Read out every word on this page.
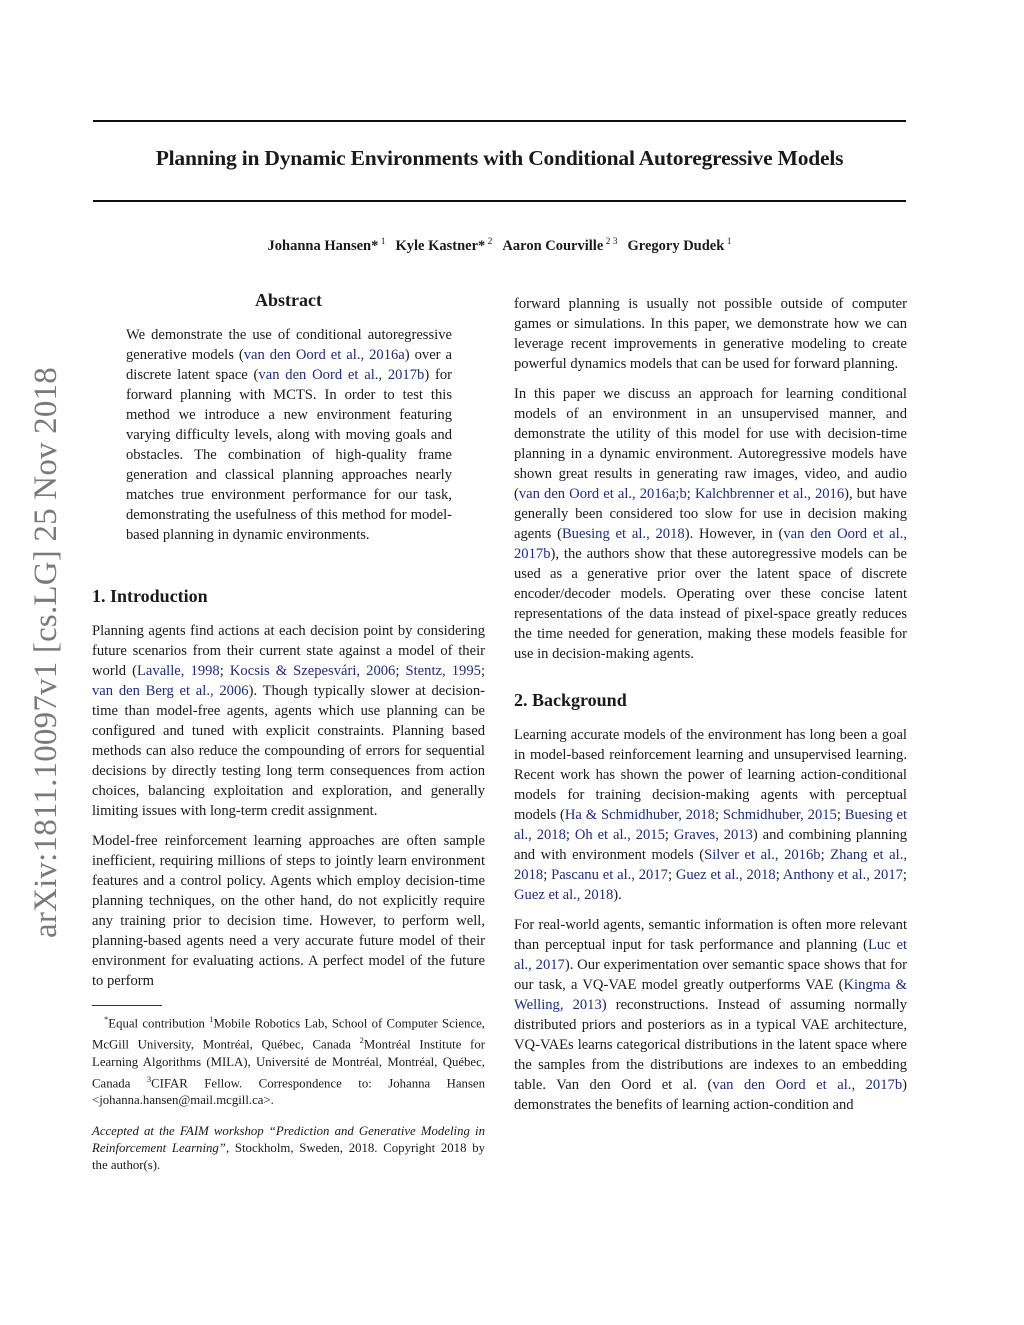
Planning in Dynamic Environments with Conditional Autoregressive Models
Johanna Hansen* $^1$ Kyle Kastner* $^2$ Aaron Courville $^{2 3}$ Gregory Dudek $^1$
arXiv:1811.10097v1 [cs.LG] 25 Nov 2018
Abstract

We demonstrate the use of conditional autoregressive generative models (van den Oord et al., 2016a) over a discrete latent space (van den Oord et al., 2017b) for forward planning with MCTS. In order to test this method we introduce a new environment featuring varying difficulty levels, along with moving goals and obstacles. The combination of high-quality frame generation and classical planning approaches nearly matches true environment performance for our task, demonstrating the usefulness of this method for model-based planning in dynamic environments.

1. Introduction

Planning agents find actions at each decision point by considering future scenarios from their current state against a model of their world (Lavalle, 1998; Kocsis & Szepesvári, 2006; Stentz, 1995; van den Berg et al., 2006). Though typically slower at decision-time than model-free agents, agents which use planning can be configured and tuned with explicit constraints. Planning based methods can also reduce the compounding of errors for sequential decisions by directly testing long term consequences from action choices, balancing exploitation and exploration, and generally limiting issues with long-term credit assignment.

Model-free reinforcement learning approaches are often sample inefficient, requiring millions of steps to jointly learn environment features and a control policy. Agents which employ decision-time planning techniques, on the other hand, do not explicitly require any training prior to decision time. However, to perform well, planning-based agents need a very accurate future model of their environment for evaluating actions. A perfect model of the future to perform

*Equal contribution $^1$Mobile Robotics Lab, School of Computer Science, McGill University, Montréal, Québec, Canada $^2$Montréal Institute for Learning Algorithms (MILA), Université de Montréal, Montréal, Québec, Canada $^3$CIFAR Fellow. Correspondence to: Johanna Hansen <johanna.hansen@mail.mcgill.ca>.

Accepted at the FAIM workshop “Prediction and Generative Modeling in Reinforcement Learning”, Stockholm, Sweden, 2018. Copyright 2018 by the author(s).

forward planning is usually not possible outside of computer games or simulations. In this paper, we demonstrate how we can leverage recent improvements in generative modeling to create powerful dynamics models that can be used for forward planning.

In this paper we discuss an approach for learning conditional models of an environment in an unsupervised manner, and demonstrate the utility of this model for use with decision-time planning in a dynamic environment. Autoregressive models have shown great results in generating raw images, video, and audio (van den Oord et al., 2016a;b; Kalchbrenner et al., 2016), but have generally been considered too slow for use in decision making agents (Buesing et al., 2018). However, in (van den Oord et al., 2017b), the authors show that these autoregressive models can be used as a generative prior over the latent space of discrete encoder/decoder models. Operating over these concise latent representations of the data instead of pixel-space greatly reduces the time needed for generation, making these models feasible for use in decision-making agents.

2. Background

Learning accurate models of the environment has long been a goal in model-based reinforcement learning and unsupervised learning. Recent work has shown the power of learning action-conditional models for training decision-making agents with perceptual models (Ha & Schmidhuber, 2018; Schmidhuber, 2015; Buesing et al., 2018; Oh et al., 2015; Graves, 2013) and combining planning and with environment models (Silver et al., 2016b; Zhang et al., 2018; Pascanu et al., 2017; Guez et al., 2018; Anthony et al., 2017; Guez et al., 2018).

For real-world agents, semantic information is often more relevant than perceptual input for task performance and planning (Luc et al., 2017). Our experimentation over semantic space shows that for our task, a VQ-VAE model greatly outperforms VAE (Kingma & Welling, 2013) reconstructions. Instead of assuming normally distributed priors and posteriors as in a typical VAE architecture, VQ-VAEs learns categorical distributions in the latent space where the samples from the distributions are indexes to an embedding table. Van den Oord et al. (van den Oord et al., 2017b) demonstrates the benefits of learning action-condition and
